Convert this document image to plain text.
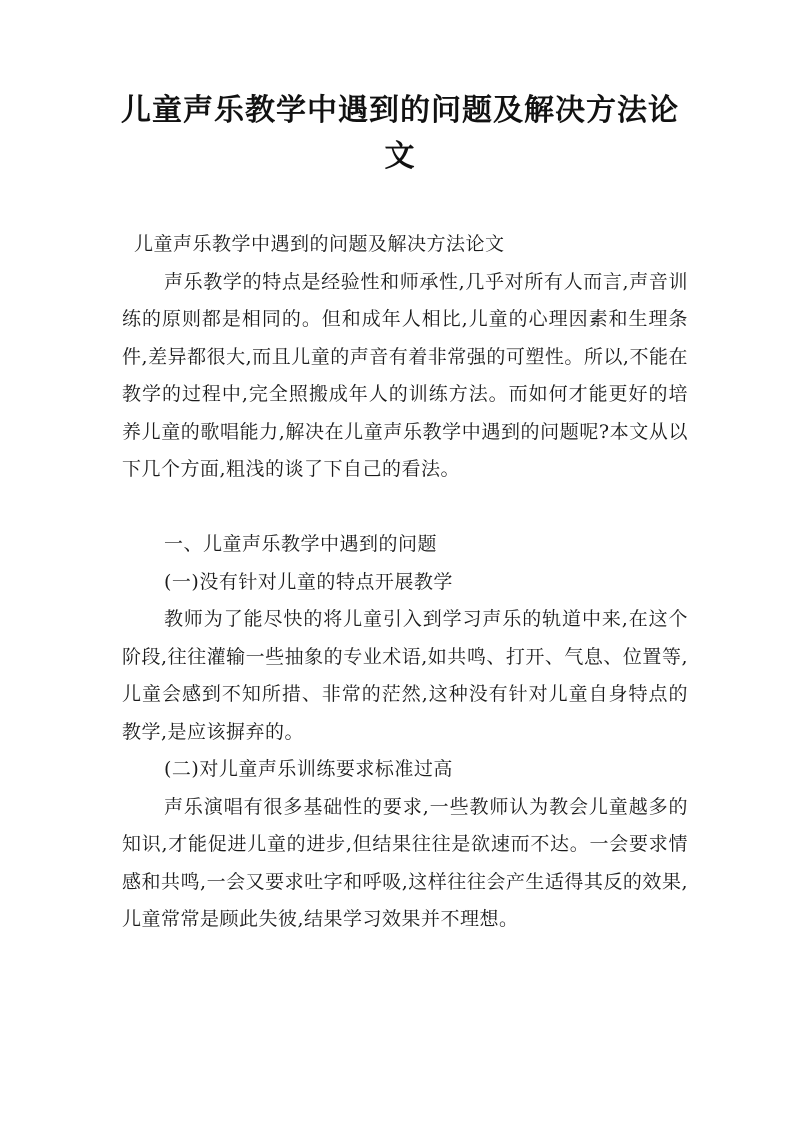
儿童声乐教学中遇到的问题及解决方法论文

儿童声乐教学中遇到的问题及解决方法论文

声乐教学的特点是经验性和师承性,几乎对所有人而言,声音训练的原则都是相同的。但和成年人相比,儿童的心理因素和生理条件,差异都很大,而且儿童的声音有着非常强的可塑性。所以,不能在教学的过程中,完全照搬成年人的训练方法。而如何才能更好的培养儿童的歌唱能力,解决在儿童声乐教学中遇到的问题呢?本文从以下几个方面,粗浅的谈了下自己的看法。

一、儿童声乐教学中遇到的问题

(一)没有针对儿童的特点开展教学

教师为了能尽快的将儿童引入到学习声乐的轨道中来,在这个阶段,往往灌输一些抽象的专业术语,如共鸣、打开、气息、位置等,儿童会感到不知所措、非常的茫然,这种没有针对儿童自身特点的教学,是应该摒弃的。

(二)对儿童声乐训练要求标准过高

声乐演唱有很多基础性的要求,一些教师认为教会儿童越多的知识,才能促进儿童的进步,但结果往往是欲速而不达。一会要求情感和共鸣,一会又要求吐字和呼吸,这样往往会产生适得其反的效果,儿童常常是顾此失彼,结果学习效果并不理想。
